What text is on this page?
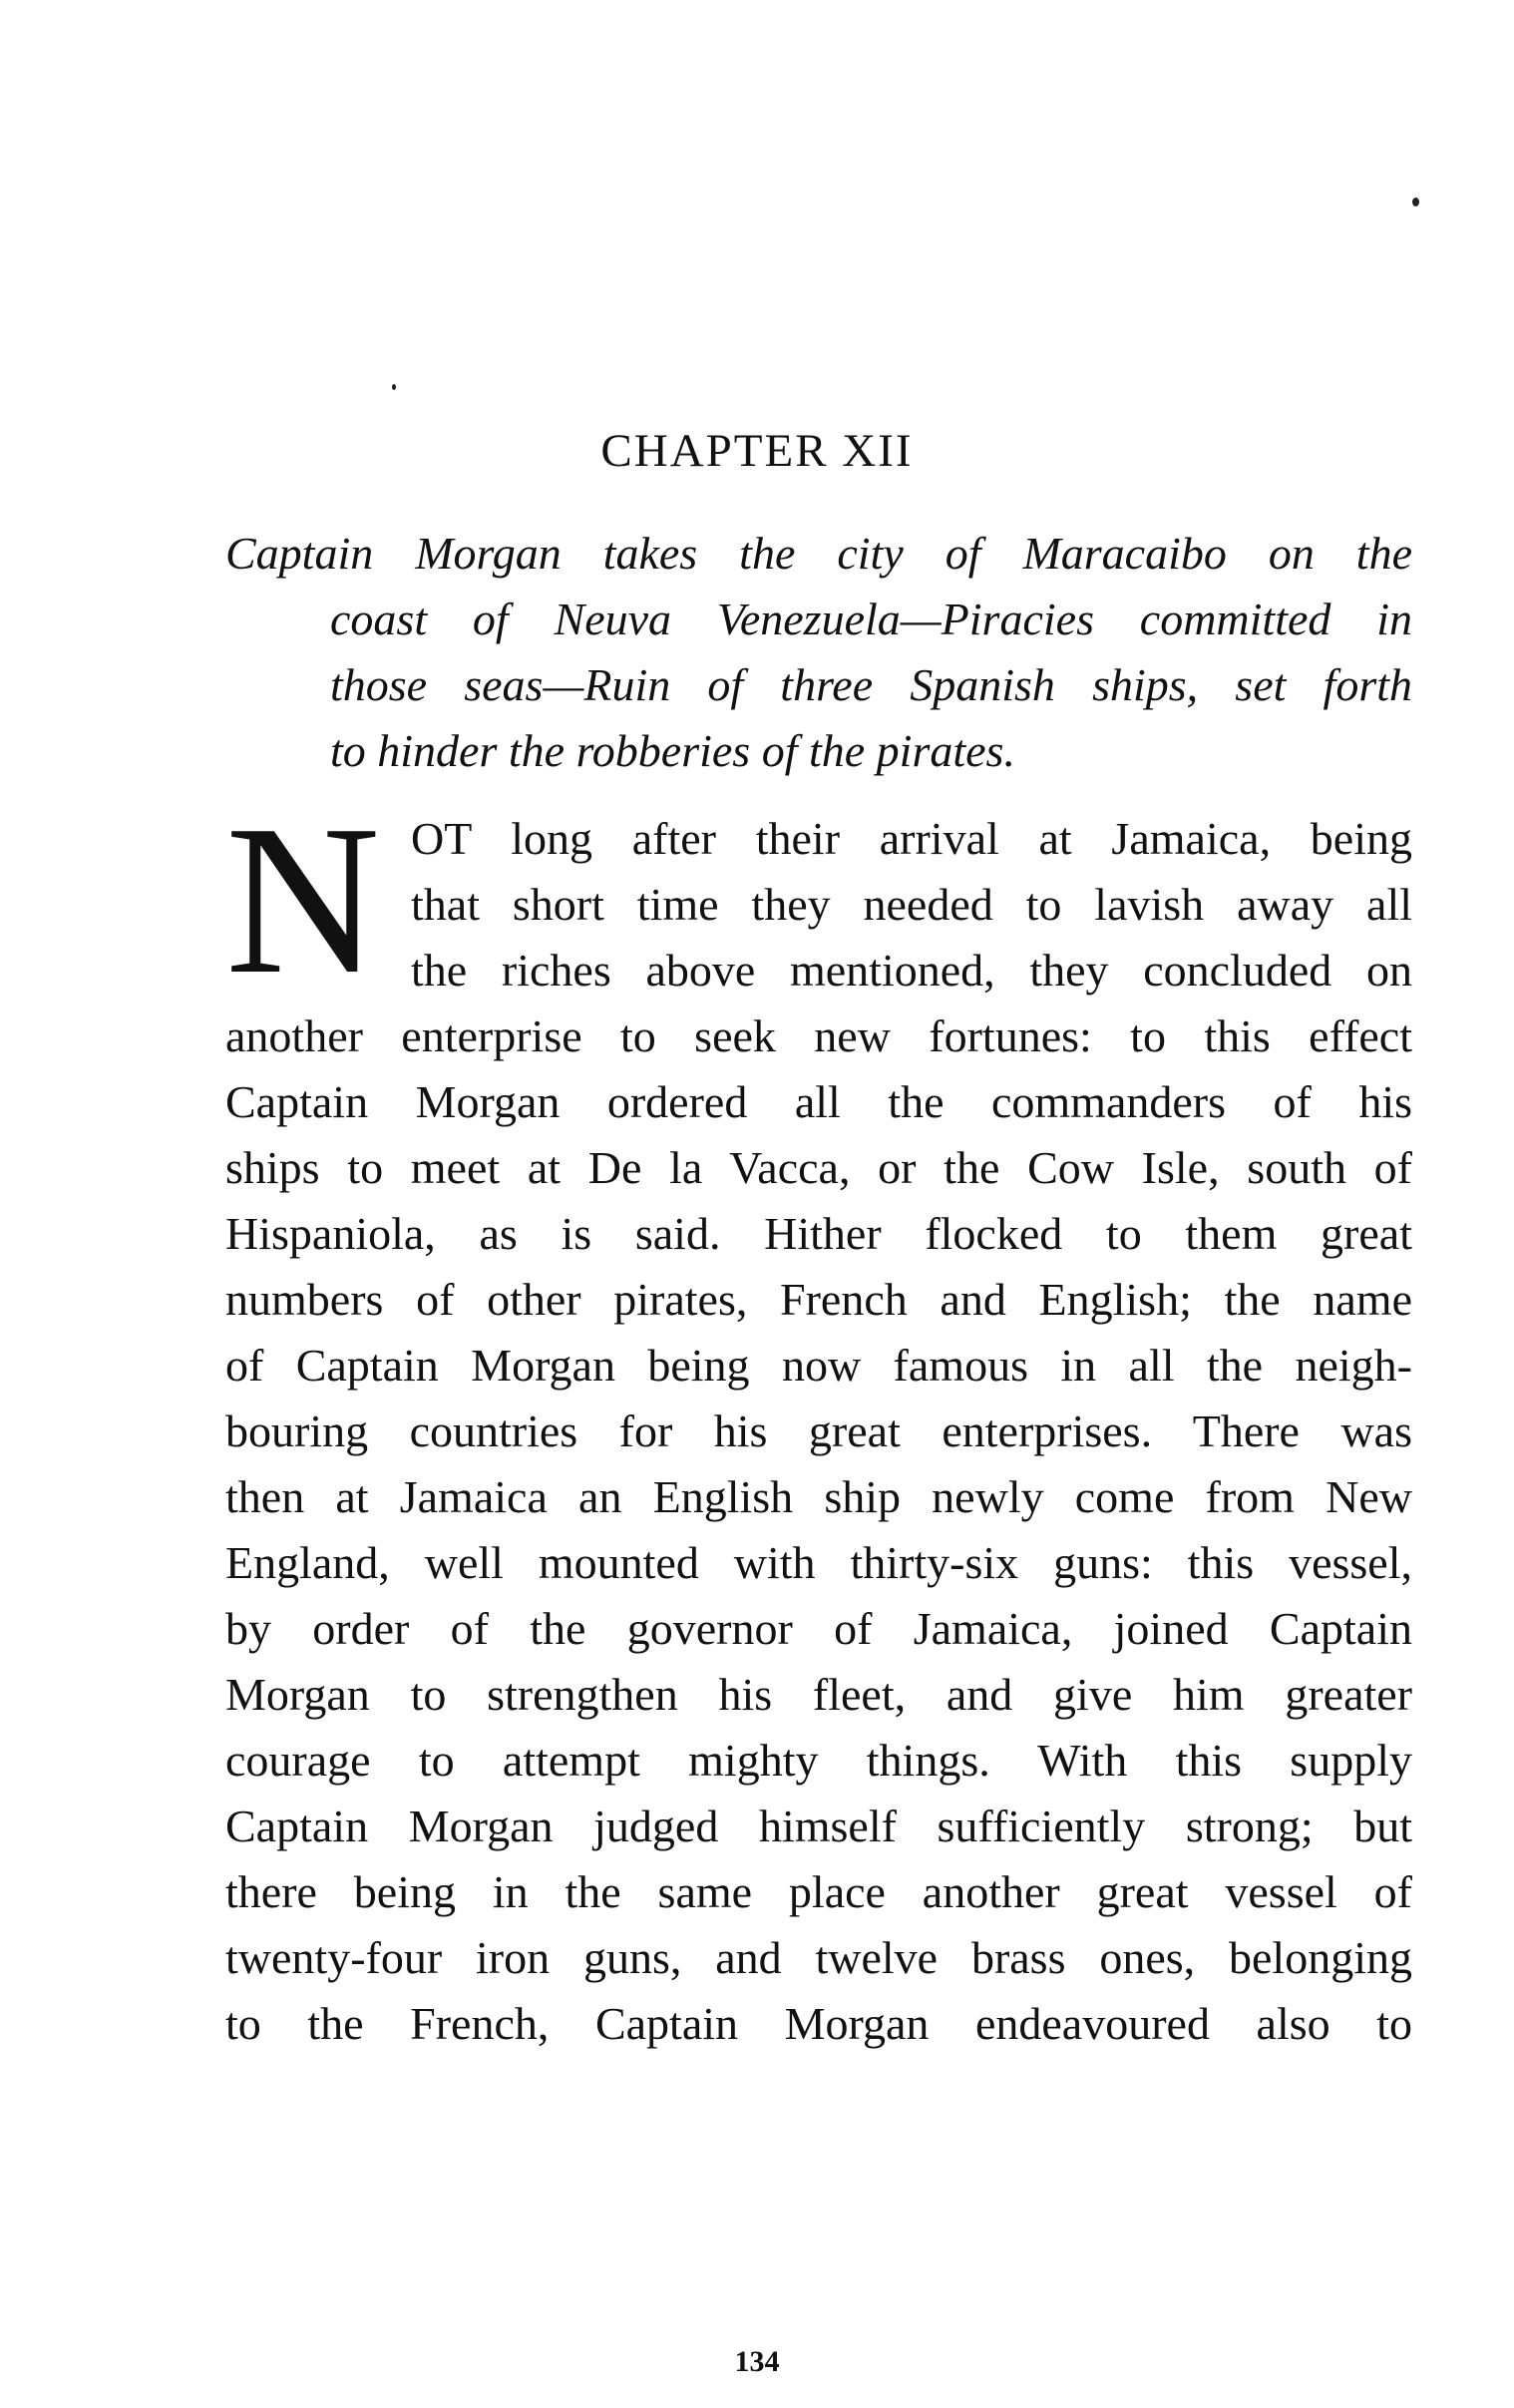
CHAPTER XII
Captain Morgan takes the city of Maracaibo on the
coast of Neuva Venezuela—Piracies committed in
those seas—Ruin of three Spanish ships, set forth
to hinder the robberies of the pirates.
N OT long after their arrival at Jamaica, being
that short time they needed to lavish away all
the riches above mentioned, they concluded on
another enterprise to seek new fortunes: to this effect
Captain Morgan ordered all the commanders of his
ships to meet at De la Vacca, or the Cow Isle, south of
Hispaniola, as is said. Hither flocked to them great
numbers of other pirates, French and English; the name
of Captain Morgan being now famous in all the neigh-
bouring countries for his great enterprises. There was
then at Jamaica an English ship newly come from New
England, well mounted with thirty-six guns: this vessel,
by order of the governor of Jamaica, joined Captain
Morgan to strengthen his fleet, and give him greater
courage to attempt mighty things. With this supply
Captain Morgan judged himself sufficiently strong; but
there being in the same place another great vessel of
twenty-four iron guns, and twelve brass ones, belonging
to the French, Captain Morgan endeavoured also to
134
